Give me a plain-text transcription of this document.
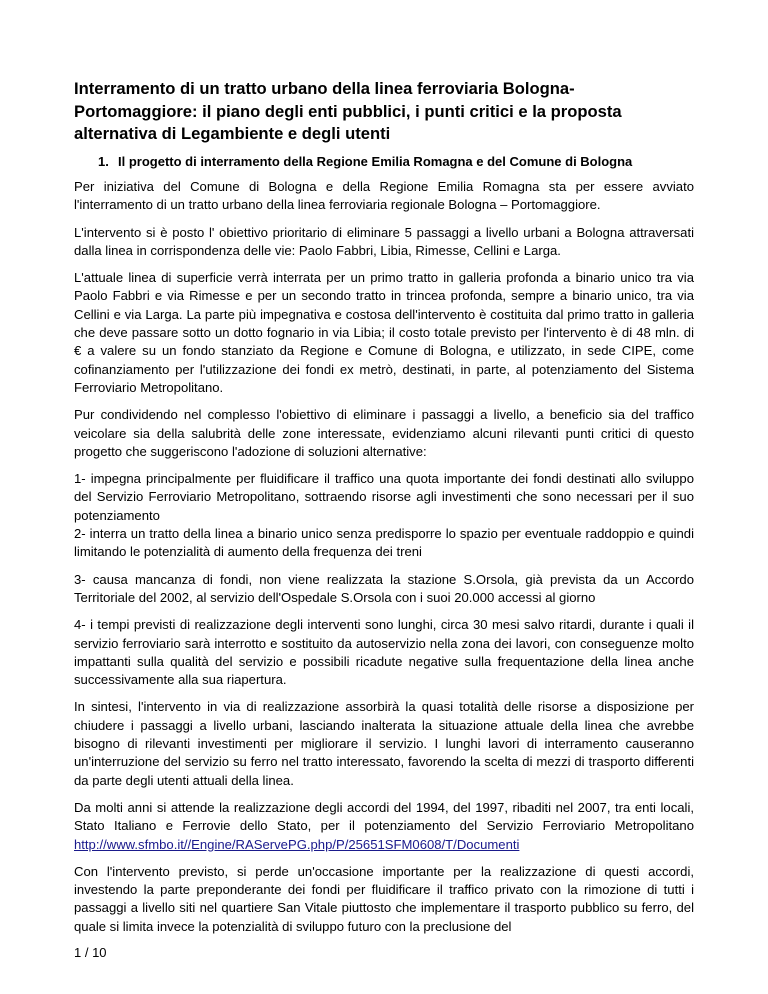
Interramento di un tratto urbano della linea ferroviaria Bologna-Portomaggiore: il piano degli enti pubblici, i punti critici e la proposta alternativa di Legambiente e degli utenti
1. Il progetto di interramento della Regione Emilia Romagna e del Comune di Bologna

Per iniziativa del Comune di Bologna e della Regione Emilia Romagna sta per essere avviato l'interramento di un tratto urbano della linea ferroviaria regionale Bologna – Portomaggiore.

L'intervento si è posto l' obiettivo prioritario di eliminare 5 passaggi a livello urbani a Bologna attraversati dalla linea in corrispondenza delle vie: Paolo Fabbri, Libia, Rimesse, Cellini e Larga.

L'attuale linea di superficie verrà interrata per un primo tratto in galleria profonda a binario unico tra via Paolo Fabbri e via Rimesse e per un secondo tratto in trincea profonda, sempre a binario unico, tra via Cellini e via Larga. La parte più impegnativa e costosa dell'intervento è costituita dal primo tratto in galleria che deve passare sotto un dotto fognario in via Libia; il costo totale previsto per l'intervento è di 48 mln. di € a valere su un fondo stanziato da Regione e Comune di Bologna, e utilizzato, in sede CIPE, come cofinanziamento per l'utilizzazione dei fondi ex metrò, destinati, in parte, al potenziamento del Sistema Ferroviario Metropolitano.

Pur condividendo nel complesso l'obiettivo di eliminare i passaggi a livello, a beneficio sia del traffico veicolare sia della salubrità delle zone interessate, evidenziamo alcuni rilevanti punti critici di questo progetto che suggeriscono l'adozione di soluzioni alternative:

1- impegna principalmente per fluidificare il traffico una quota importante dei fondi destinati allo sviluppo del Servizio Ferroviario Metropolitano, sottraendo risorse agli investimenti che sono necessari per il suo potenziamento

2- interra un tratto della linea a binario unico senza predisporre lo spazio per eventuale raddoppio e quindi limitando le potenzialità di aumento della frequenza dei treni

3- causa mancanza di fondi, non viene realizzata la stazione S.Orsola, già prevista da un Accordo Territoriale del 2002, al servizio dell'Ospedale S.Orsola con i suoi 20.000 accessi al giorno

4- i tempi previsti di realizzazione degli interventi sono lunghi, circa 30 mesi salvo ritardi, durante i quali il servizio ferroviario sarà interrotto e sostituito da autoservizio nella zona dei lavori, con conseguenze molto impattanti sulla qualità del servizio e possibili ricadute negative sulla frequentazione della linea anche successivamente alla sua riapertura.

In sintesi, l'intervento in via di realizzazione assorbirà la quasi totalità delle risorse a disposizione per chiudere i passaggi a livello urbani, lasciando inalterata la situazione attuale della linea che avrebbe bisogno di rilevanti investimenti per migliorare il servizio. I lunghi lavori di interramento causeranno un'interruzione del servizio su ferro nel tratto interessato, favorendo la scelta di mezzi di trasporto differenti da parte degli utenti attuali della linea.

Da molti anni si attende la realizzazione degli accordi del 1994, del 1997, ribaditi nel 2007, tra enti locali, Stato Italiano e Ferrovie dello Stato, per il potenziamento del Servizio Ferroviario Metropolitano http://www.sfmbo.it//Engine/RAServePG.php/P/25651SFM0608/T/Documenti

Con l'intervento previsto, si perde un'occasione importante per la realizzazione di questi accordi, investendo la parte preponderante dei fondi per fluidificare il traffico privato con la rimozione di tutti i passaggi a livello siti nel quartiere San Vitale piuttosto che implementare il trasporto pubblico su ferro, del quale si limita invece la potenzialità di sviluppo futuro con la preclusione del

1 / 10
